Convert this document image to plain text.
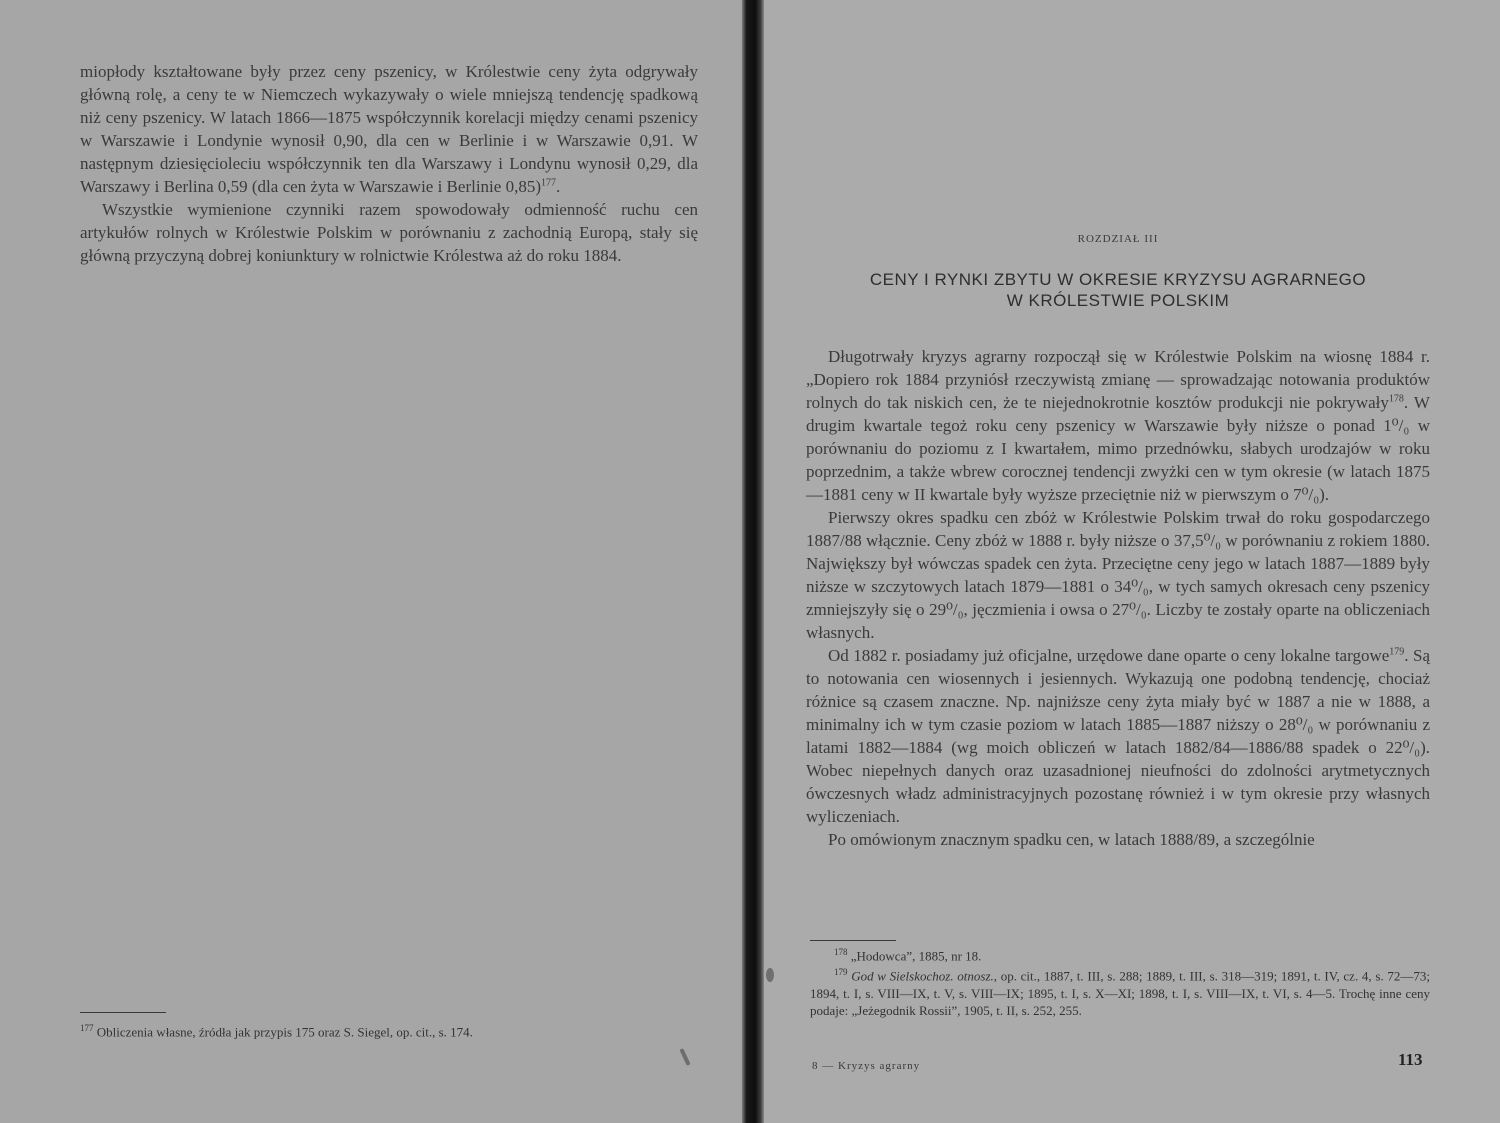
miopłody kształtowane były przez ceny pszenicy, w Królestwie ceny żyta odgrywały główną rolę, a ceny te w Niemczech wykazywały o wiele mniejszą tendencję spadkową niż ceny pszenicy. W latach 1866—1875 współczynnik korelacji między cenami pszenicy w Warszawie i Londynie wynosił 0,90, dla cen w Berlinie i w Warszawie 0,91. W następnym dziesięcioleciu współczynnik ten dla Warszawy i Londynu wynosił 0,29, dla Warszawy i Berlina 0,59 (dla cen żyta w Warszawie i Berlinie 0,85)$^{177}$.

Wszystkie wymienione czynniki razem spowodowały odmienność ruchu cen artykułów rolnych w Królestwie Polskim w porównaniu z zachodnią Europą, stały się główną przyczyną dobrej koniunktury w rolnictwie Królestwa aż do roku 1884.

$^{177}$ Obliczenia własne, źródła jak przypis 175 oraz S. Siegel, op. cit., s. 174.
ROZDZIAŁ III
CENY I RYNKI ZBYTU W OKRESIE KRYZYSU AGRARNEGO
W KRÓLESTWIE POLSKIM

Długotrwały kryzys agrarny rozpoczął się w Królestwie Polskim na wiosnę 1884 r. „Dopiero rok 1884 przyniósł rzeczywistą zmianę — sprowadzając notowania produktów rolnych do tak niskich cen, że te niejednokrotnie kosztów produkcji nie pokrywały$^{178}$. W drugim kwartale tegoż roku ceny pszenicy w Warszawie były niższe o ponad 1⁰/₀ w porównaniu do poziomu z I kwartałem, mimo przednówku, słabych urodzajów w roku poprzednim, a także wbrew corocznej tendencji zwyżki cen w tym okresie (w latach 1875—1881 ceny w II kwartale były wyższe przeciętnie niż w pierwszym o 7⁰/₀).

Pierwszy okres spadku cen zbóż w Królestwie Polskim trwał do roku gospodarczego 1887/88 włącznie. Ceny zbóż w 1888 r. były niższe o 37,5⁰/₀ w porównaniu z rokiem 1880. Największy był wówczas spadek cen żyta. Przeciętne ceny jego w latach 1887—1889 były niższe w szczytowych latach 1879—1881 o 34⁰/₀, w tych samych okresach ceny pszenicy zmniejszyły się o 29⁰/₀, jęczmienia i owsa o 27⁰/₀. Liczby te zostały oparte na obliczeniach własnych.

Od 1882 r. posiadamy już oficjalne, urzędowe dane oparte o ceny lokalne targowe$^{179}$. Są to notowania cen wiosennych i jesiennych. Wykazują one podobną tendencję, chociaż różnice są czasem znaczne. Np. najniższe ceny żyta miały być w 1887 a nie w 1888, a minimalny ich w tym czasie poziom w latach 1885—1887 niższy o 28⁰/₀ w porównaniu z latami 1882—1884 (wg moich obliczeń w latach 1882/84—1886/88 spadek o 22⁰/₀). Wobec niepełnych danych oraz uzasadnionej nieufności do zdolności arytmetycznych ówczesnych władz administracyjnych pozostanę również i w tym okresie przy własnych wyliczeniach.

Po omówionym znacznym spadku cen, w latach 1888/89, a szczególnie

$^{178}$ „Hodowca”, 1885, nr 18.

$^{179}$ God w Sielskochoz. otnosz., op. cit., 1887, t. III, s. 288; 1889, t. III, s. 318—319; 1891, t. IV, cz. 4, s. 72—73; 1894, t. I, s. VIII—IX, t. V, s. VIII—IX; 1895, t. I, s. X—XI; 1898, t. I, s. VIII—IX, t. VI, s. 4—5. Trochę inne ceny podaje: „Jeżegodnik Rossii”, 1905, t. II, s. 252, 255.

8 — Kryzys agrarny	113
